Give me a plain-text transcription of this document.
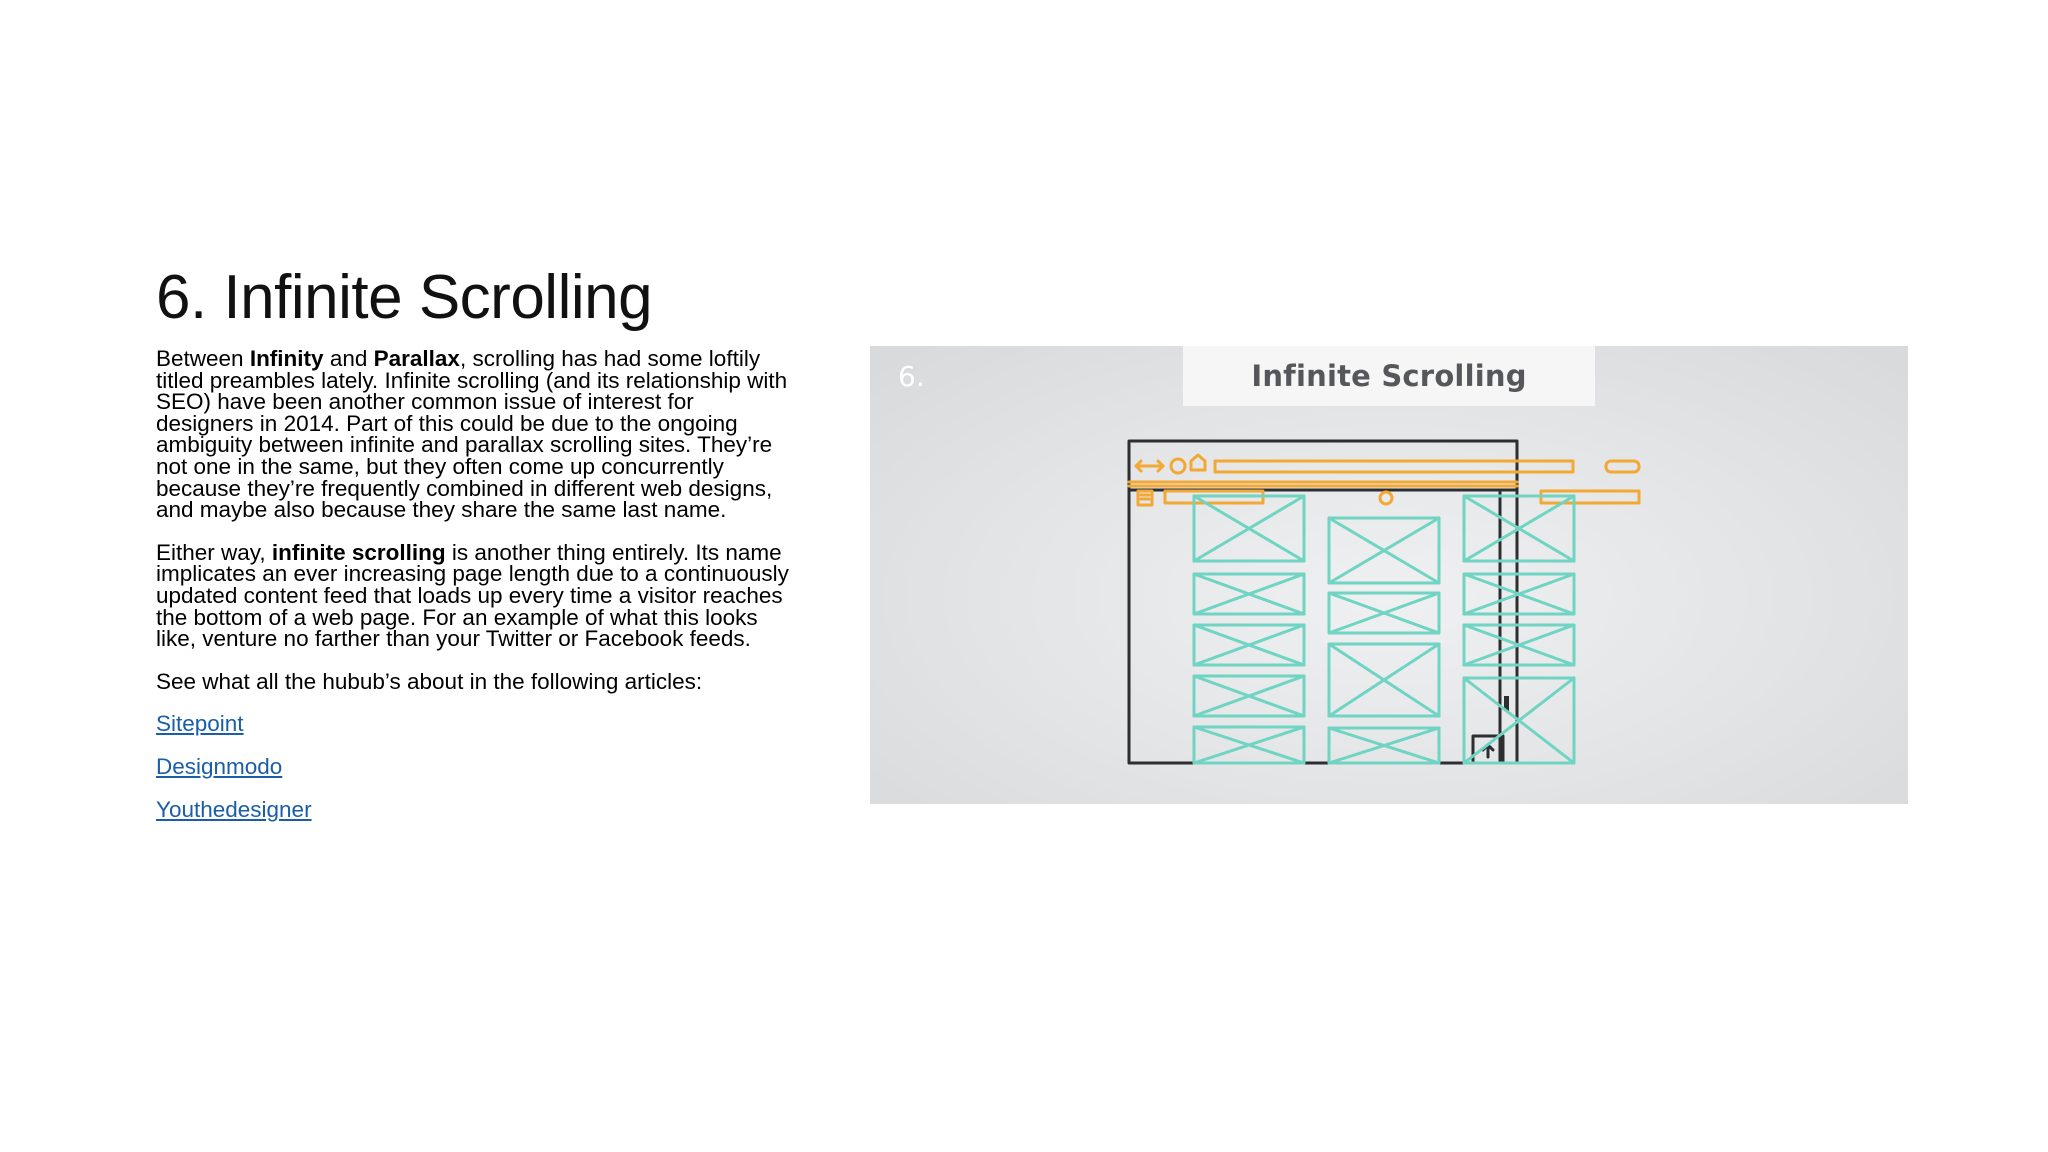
6. Infinite Scrolling

Between Infinity and Parallax, scrolling has had some loftily titled preambles lately. Infinite scrolling (and its relationship with SEO) have been another common issue of interest for designers in 2014. Part of this could be due to the ongoing ambiguity between infinite and parallax scrolling sites. They’re not one in the same, but they often come up concurrently because they’re frequently combined in different web designs, and maybe also because they share the same last name.

Either way, infinite scrolling is another thing entirely. Its name implicates an ever increasing page length due to a continuously updated content feed that loads up every time a visitor reaches the bottom of a web page. For an example of what this looks like, venture no farther than your Twitter or Facebook feeds.

See what all the hubub’s about in the following articles:

Sitepoint

Designmodo

Youthedesigner

6.	Infinite Scrolling
